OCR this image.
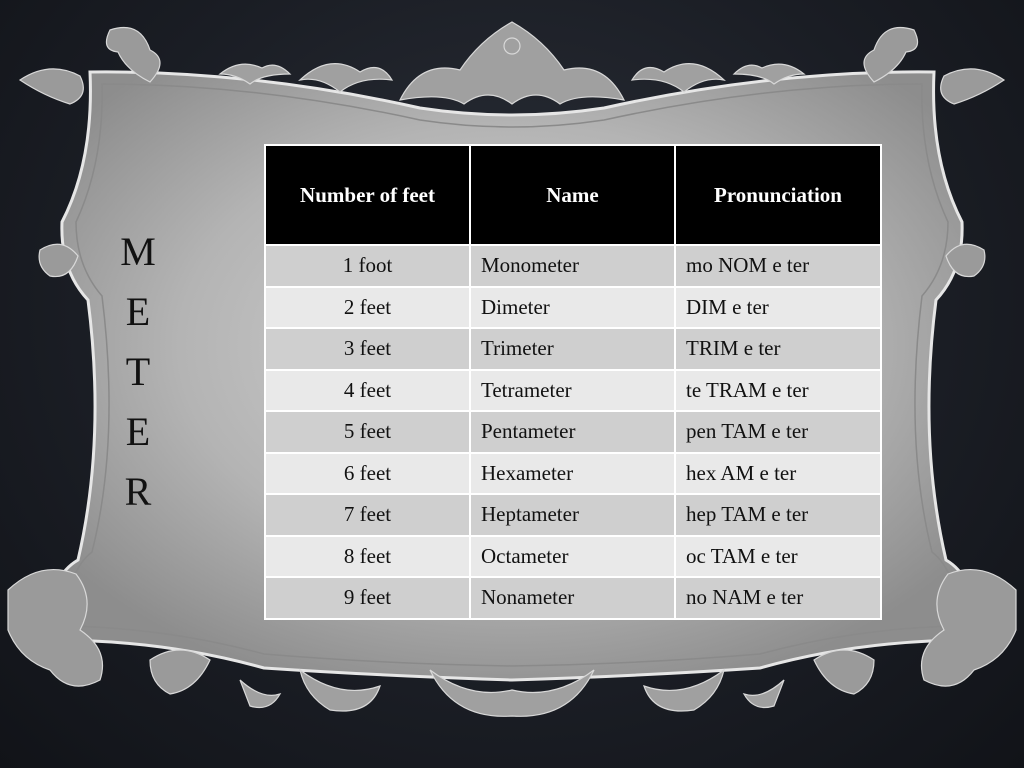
M
E
T
E
R
Number of feet	Name	Pronunciation
1 foot	Monometer	mo NOM e ter
2 feet	Dimeter	DIM e ter
3 feet	Trimeter	TRIM e ter
4 feet	Tetrameter	te TRAM e ter
5 feet	Pentameter	pen TAM e ter
6 feet	Hexameter	hex AM e ter
7 feet	Heptameter	hep TAM e ter
8 feet	Octameter	oc TAM e ter
9 feet	Nonameter	no NAM e ter
